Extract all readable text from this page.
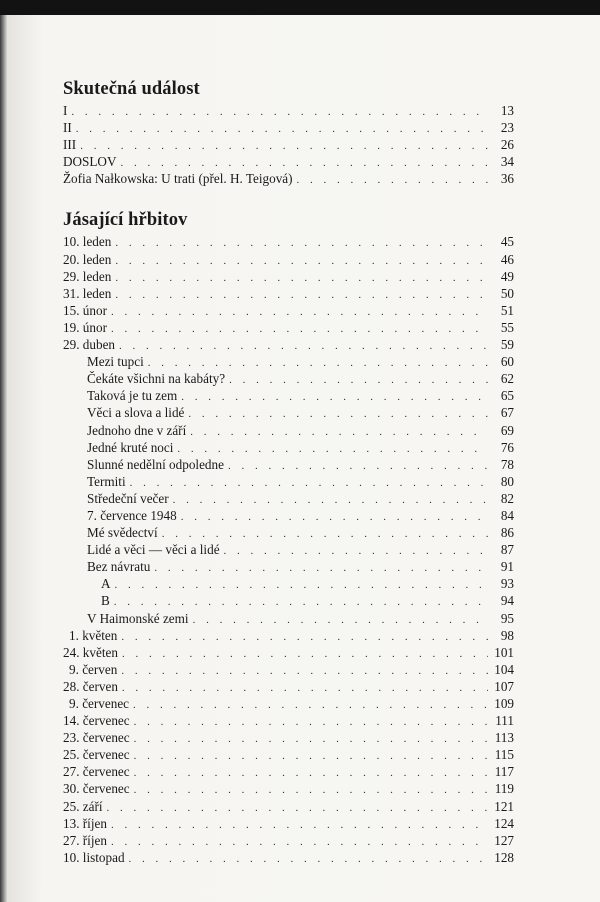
Skutečná událost
I . . .	13
II . . .	23
III . . .	26
DOSLOV . . .	34
Žofia Nałkowska: U trati (přel. H. Teigová) . . .	36
Jásající hřbitov
10. leden . . .	45
20. leden . . .	46
29. leden . . .	49
31. leden . . .	50
15. únor . . .	51
19. únor . . .	55
29. duben . . .	59
Mezi tupci . . .	60
Čekáte všichni na kabáty? . . .	62
Taková je tu zem . . .	65
Věci a slova a lidé . . .	67
Jednoho dne v září . . .	69
Jedné kruté noci . . .	76
Slunné nedělní odpoledne . . .	78
Termiti . . .	80
Středeční večer . . .	82
7. července 1948 . . .	84
Mé svědectví . . .	86
Lidé a věci — věci a lidé . . .	87
Bez návratu . . .	91
A . . .	93
B . . .	94
V Haimonské zemi . . .	95
1. květen . . .	98
24. květen . . .	101
9. červen . . .	104
28. červen . . .	107
9. červenec . . .	109
14. červenec . . .	111
23. červenec . . .	113
25. červenec . . .	115
27. červenec . . .	117
30. červenec . . .	119
25. září . . .	121
13. říjen . . .	124
27. říjen . . .	127
10. listopad . . .	128
